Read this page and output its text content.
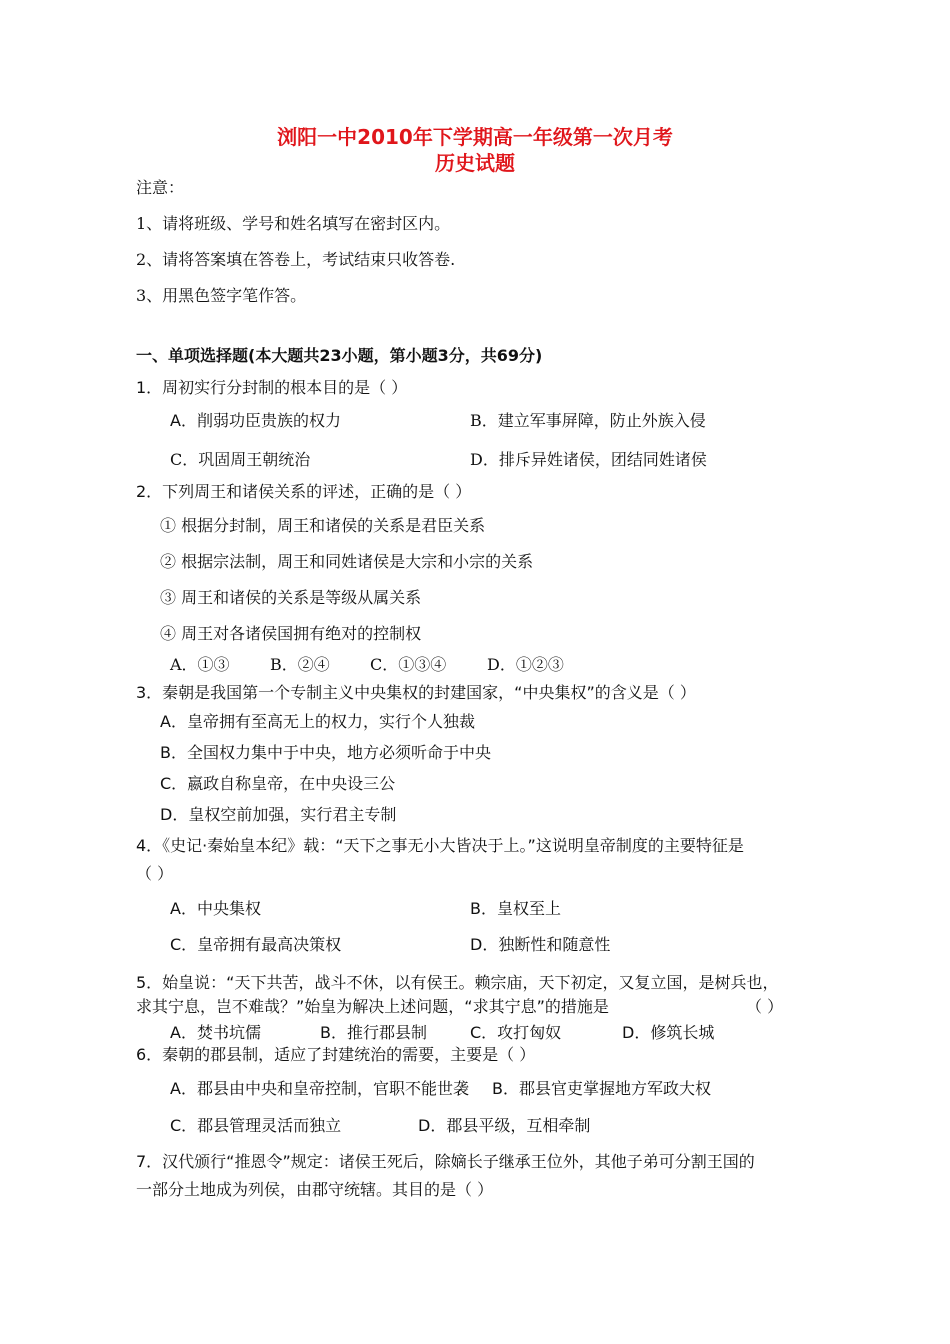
浏阳一中2010年下学期高一年级第一次月考
历史试题
注意：
1、请将班级、学号和姓名填写在密封区内。
2、请将答案填在答卷上，考试结束只收答卷.
3、用黑色签字笔作答。
一、单项选择题(本大题共23小题，第小题3分，共69分)
1．周初实行分封制的根本目的是（ ）
A．削弱功臣贵族的权力	B．建立军事屏障，防止外族入侵
C．巩固周王朝统治	D．排斥异姓诸侯，团结同姓诸侯
2．下列周王和诸侯关系的评述，正确的是（ ）
① 根据分封制，周王和诸侯的关系是君臣关系
② 根据宗法制，周王和同姓诸侯是大宗和小宗的关系
③ 周王和诸侯的关系是等级从属关系
④ 周王对各诸侯国拥有绝对的控制权
A．①③	B．②④	C．①③④	D．①②③
3．秦朝是我国第一个专制主义中央集权的封建国家，“中央集权”的含义是（ ）
A．皇帝拥有至高无上的权力，实行个人独裁
B．全国权力集中于中央，地方必须听命于中央
C．嬴政自称皇帝，在中央设三公
D．皇权空前加强，实行君主专制
4．《史记·秦始皇本纪》载：“天下之事无小大皆决于上。”这说明皇帝制度的主要特征是
（ ）
A．中央集权	B．皇权至上
C．皇帝拥有最高决策权	D．独断性和随意性
5．始皇说：“天下共苦，战斗不休，以有侯王。赖宗庙，天下初定，又复立国，是树兵也，
求其宁息，岂不难哉？”始皇为解决上述问题，“求其宁息”的措施是	（ ）
A．焚书坑儒	B．推行郡县制	C．攻打匈奴	D．修筑长城
6．秦朝的郡县制，适应了封建统治的需要，主要是（ ）
A．郡县由中央和皇帝控制，官职不能世袭 B．郡县官吏掌握地方军政大权
C．郡县管理灵活而独立	D．郡县平级，互相牵制
7．汉代颁行“推恩令”规定：诸侯王死后，除嫡长子继承王位外，其他子弟可分割王国的
一部分土地成为列侯，由郡守统辖。其目的是（ ）
